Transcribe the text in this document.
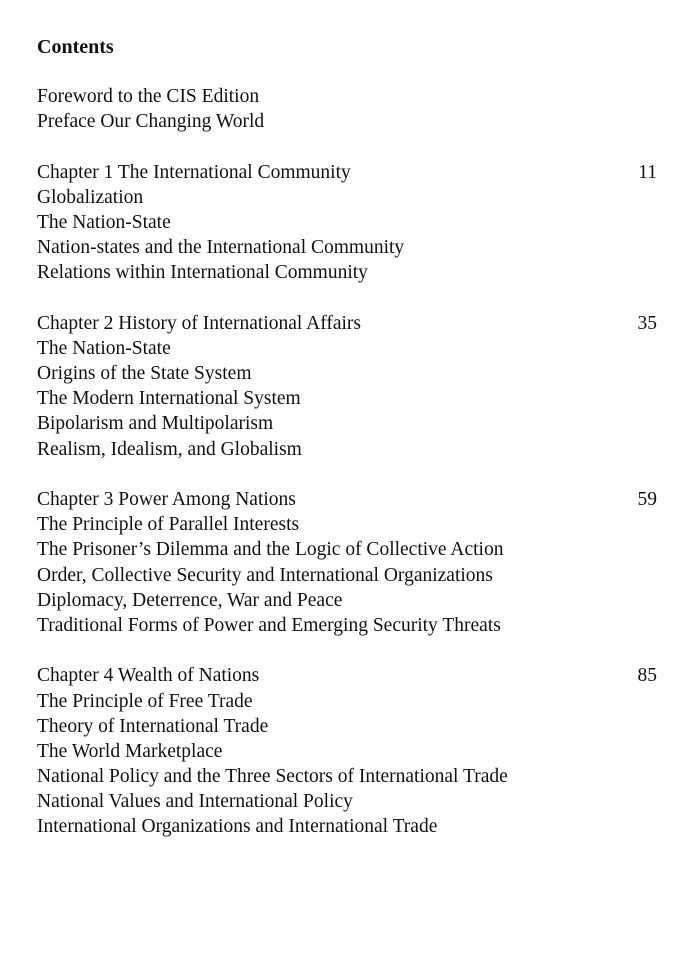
Contents
Foreword to the CIS Edition
Preface Our Changing World
Chapter 1 The International Community	11
Globalization
The Nation-State
Nation-states and the International Community
Relations within International Community
Chapter 2 History of International Affairs	35
The Nation-State
Origins of the State System
The Modern International System
Bipolarism and Multipolarism
Realism, Idealism, and Globalism
Chapter 3 Power Among Nations	59
The Principle of Parallel Interests
The Prisoner’s Dilemma and the Logic of Collective Action
Order, Collective Security and International Organizations
Diplomacy, Deterrence, War and Peace
Traditional Forms of Power and Emerging Security Threats
Chapter 4 Wealth of Nations	85
The Principle of Free Trade
Theory of International Trade
The World Marketplace
National Policy and the Three Sectors of International Trade
National Values and International Policy
International Organizations and International Trade
